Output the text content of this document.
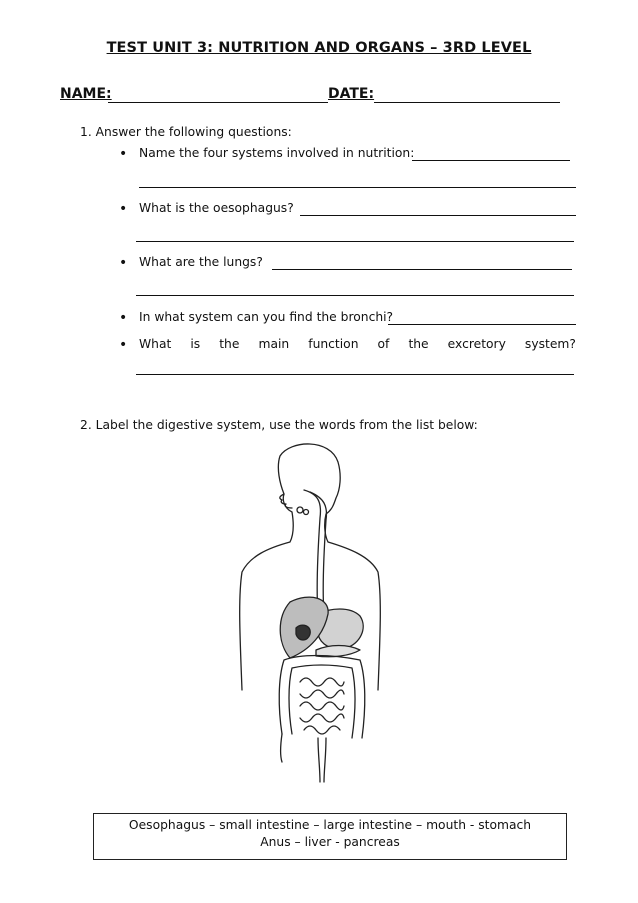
TEST UNIT 3: NUTRITION AND ORGANS – 3RD LEVEL
NAME:	DATE:
1. Answer the following questions:
• Name the four systems involved in nutrition:
• What is the oesophagus?
• What are the lungs?
• In what system can you find the bronchi?
• What is the main function of the excretory system?
2. Label the digestive system, use the words from the list below:
Oesophagus – small intestine – large intestine – mouth - stomach
Anus – liver - pancreas
